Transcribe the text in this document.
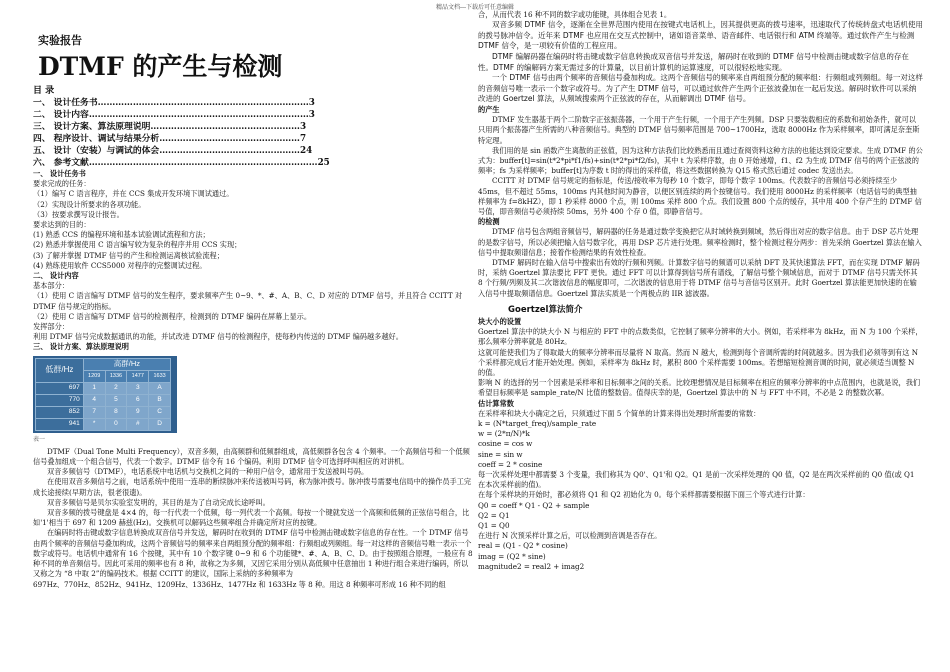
精品文档---下载后可任意编辑
实验报告
DTMF 的产生与检测
目 录
一、 设计任务书………………………………………………………………3
二、 设计内容…………………………………………………………………3
三、 设计方案、算法原理说明……………………………………………3
四、 程序设计、调试与结果分析…………………………………………7
五、 设计（安装）与调试的体会…………………………………………24
六、 参考文献……………………………………………………………………25
一、 设计任务书
要求完成的任务：
（1）编写 C 语言程序，并在 CCS 集成开发环境下调试通过。
（2）实现设计所要求的各项功能。
（3）按要求撰写设计报告。
要求达到的目的：
(1) 熟悉 CCS 的编程环境和基本试验调试流程和方法；
(2) 熟悉并掌握使用 C 语言编写较为复杂的程序并用 CCS 实现；
(3) 了解并掌握 DTMF 信号的产生和检测运离核试验流程；
(4) 熟练使用软件 CCS5000 对程序的完整调试过程。
二、 设计内容
基本部分：
（1）使用 C 语言编写 DTMF 信号的发生程序，要求频率产生 0~9、*、#、A、B、C、D 对应的 DTMF 信号，并且符合 CCITT 对 DTMF 信号规定的指标。
（2）使用 C 语言编写 DTMF 信号的检测程序，检测到的 DTMF 编码在屏幕上显示。
发挥部分：
利用 DTMF 信号完成数据通讯的功能，并试改进 DTMF 信号的检测程序，使每秒内传送的 DTMF 编码越多越好。
三、 设计方案、算法原理说明
低群/Hz	高群/Hz			
	1209	1336	1477	1633
697	1	2	3	A
770	4	5	6	B
852	7	8	9	C
941	*	0	#	D
表一

DTMF（Dual Tone Multi Frequency），双音多频，由高频群和低频群组成，高低频群各包含 4 个频率。一个高频信号和一个低频信号叠加组成一个组合信号，代表一个数字。DTMF 信令有 16 个编码。利用 DTMF 信令可选择呼叫相应的对讲机。

双音多频信号（DTMF），电话系统中电话机与交换机之间的一种用户信令，通常用于发送被叫号码。

在使用双音多频信号之前，电话系统中使用一连串的断续脉冲来传送被叫号码，称为脉冲拨号。脉冲拨号需要电信局中的操作员手工完成长途接续(早期方法，很老很遗)。

双音多频信号是贝尔实验室发明的，其目的是为了自动完成长途呼叫。

双音多频的拨号键盘是 4×4 的，每一行代表一个低频，每一列代表一个高频。每按一个键就发送一个高频和低频的正弦信号组合，比如'1'相当于 697 和 1209 赫兹(Hz)。交换机可以解码这些频率组合并确定所对应的按键。

在编码时将击键或数字信息转换成双音信号并发送，解码时在收到的 DTMF 信号中检测击键或数字信息的存在性。一个 DTMF 信号由两个频率的音频信号叠加构成，这两个音频信号的频率来自两组预分配的频率组：行频组或列频组。每一对这样的音频信号唯一表示一个数字或符号。电话机中通常有 16 个按键，其中有 10 个数字键 0~9 和 6 个功能键*、#、A、B、C、D。由于按照组合原理，一般应有 8 种不同的单音频信号。因此可采用的频率也有 8 种，故称之为多频，又因它采用分别从高低频中任意抽出 1 种进行组合来进行编码，所以又称之为 “8 中取 2”的编码技术。根据 CCITT 的建议，国际上采纳的多种频率为

697Hz、770Hz、852Hz、941Hz、1209Hz、1336Hz、1477Hz 和 1633Hz 等 8 种。用这 8 种频率可形成 16 种不同的组

合，从而代表 16 种不同的数字或功能键，具体组合见表 1。

双音多频 DTMF 信令，逐渐在全世界范围内使用在按键式电话机上，因其提供更高的拨号速率，迅速取代了传统转盘式电话机使用的拨号脉冲信令。近年来 DTMF 也应用在交互式控制中，诸如语音菜单、语音邮件、电话银行和 ATM 终端等。通过软件产生与检测 DTMF 信令，是一项较有价值的工程应用。

DTMF 编解码器在编码时将击键或数字信息转换成双音信号并发送，解码时在收到的 DTMF 信号中检测击键或数字信息的存在性。DTMF 的编解码方案无需过多的计算量，以目前计算机的运算速度，可以很轻松地实现。

一个 DTMF 信号由两个频率的音频信号叠加构成。这两个音频信号的频率来自两组预分配的频率组：行频组或列频组。每一对这样的音频信号唯一表示一个数字或符号。为了产生 DTMF 信号，可以通过软件产生两个正弦波叠加在一起后发送。解码时软件可以采纳改进的 Goertzel 算法，从频域搜索两个正弦波的存在，从而解调出 DTMF 信号。

的产生

DTMF 发生器基于两个二阶数字正弦振荡器，一个用于产生行频，一个用于产生列频。DSP 只要装载相应的系数和初始条件，就可以只用两个振荡器产生所需的八种音频信号。典型的 DTMF 信号频率范围是 700~1700Hz，选取 8000Hz 作为采样频率，即可满足奈奎斯特定理。

我们用的是 sin 函数产生离散的正弦值，因为这种方法我们比较熟悉而且通过查阅资料这种方法的也能达到设定要求。生成 DTMF 的公式为：buffer[t]=sin(t*2*pi*f1/fs)+sin(t*2*pi*f2/fs)，其中 t 为采样序数，由 0 开始递增，f1、f2 为生成 DTMF 信号的两个正弦波的频率；fs 为采样频率；buffer[t]为序数 t 时的得出的采样值，将这些数据转换为 Q15 格式然后通过 codec 发送出去。

CCITT 对 DTMF 信号规定的指标是，传送/接收率为每秒 10 个数字，即每个数字 100ms。代表数字的音频信号必须持续至少 45ms，但不超过 55ms，100ms 内其他时间为静音，以便区别连续的两个按键信号。我们使用 8000Hz 的采样频率（电话信号的典型抽样频率为 f=8kHZ），即 1 秒采样 8000 个点，则 100ms 采样 800 个点。我们设置 800 个点的缓存，其中用 400 个存产生的 DTMF 信号值，即音频信号必须持续 50ms，另外 400 个存 0 值，即静音信号。

的检测

DTMF 信号包含两组音频信号，解码器的任务是通过数学变换把它从时域转换到频域，然后得出对应的数字信息。由于 DSP 芯片处理的是数字信号，所以必须把输入信号数字化，再用 DSP 芯片进行处理。频率检测时，整个检测过程分两步：首先采纳 Goertzel 算法在输入信号中提取频谱信息；接着作检测结果的有效性检查。

DTMF 解码时在输入信号中搜索出有效的行频和列频。计算数字信号的频谱可以采纳 DFT 及其快速算法 FFT，而在实现 DTMF 解码时，采纳 Goertzel 算法要比 FFT 更快。通过 FFT 可以计算得到信号所有谱线，了解信号整个频域信息，而对于 DTMF 信号只需关怀其 8 个行频/列频及其二次谐波信息的幅度即可，二次谐波的信息用于将 DTMF 信号与音信号区别开。此时 Goertzel 算法能更加快速的在输入信号中提取频谱信息。Goertzel 算法实质是一个两极点的 IIR 滤波器。

Goertzel算法简介
块大小的设置

Goertzel 算法中的块大小 N 与相应的 FFT 中的点数类似，它控制了频率分辨率的大小。例如，若采样率为 8kHz，而 N 为 100 个采样，那么频率分辨率就是 80Hz。

这就可能使我们为了得取最大的频率分辨率而尽量将 N 取高。然而 N 越大，检测到每个音调所需的时间就越多。因为我们必须等到有这 N 个采样都完成后才能开始处理。例如，采样率为 8kHz 时，累积 800 个采样需要 100ms。若想缩短检测音调的时间，就必须适当调整 N 的值。

影响 N 的选择的另一个因素是采样率和目标频率之间的关系。比较理想情况是目标频率在相应的频率分辨率的中点范围内，也就是说，我们希望目标频率是 sample_rate/N 比值的整数倍。值得庆幸的是，Goertzel 算法中的 N 与 FFT 中不同，不必是 2 的整数次幂。

估计算常数
在采样率和块大小确定之后，只须通过下面 5 个简单的计算来得出处理时所需要的常数：
k = (N*target_freq)/sample_rate
w = (2*π/N)*k
cosine = cos w
sine = sin w
coeff = 2 * cosine
每一次采样处理中都需要 3 个变量，我们称其为 Q0'、Q1'和 Q2。Q1 是前一次采样处理的 Q0 值，Q2 是在两次采样前的 Q0 值(或 Q1 在本次采样前的值)。
在每个采样块的开始时，都必须将 Q1 和 Q2 初始化为 0。每个采样都需要根据下面三个等式进行计算：
Q0 = coeff * Q1 - Q2 + sample
Q2 = Q1
Q1 = Q0
在进行 N 次预采样计算之后，可以检测到音调是否存在。
real = (Q1 - Q2 * cosine)
imag = (Q2 * sine)
magnitude2 = real2 + imag2
